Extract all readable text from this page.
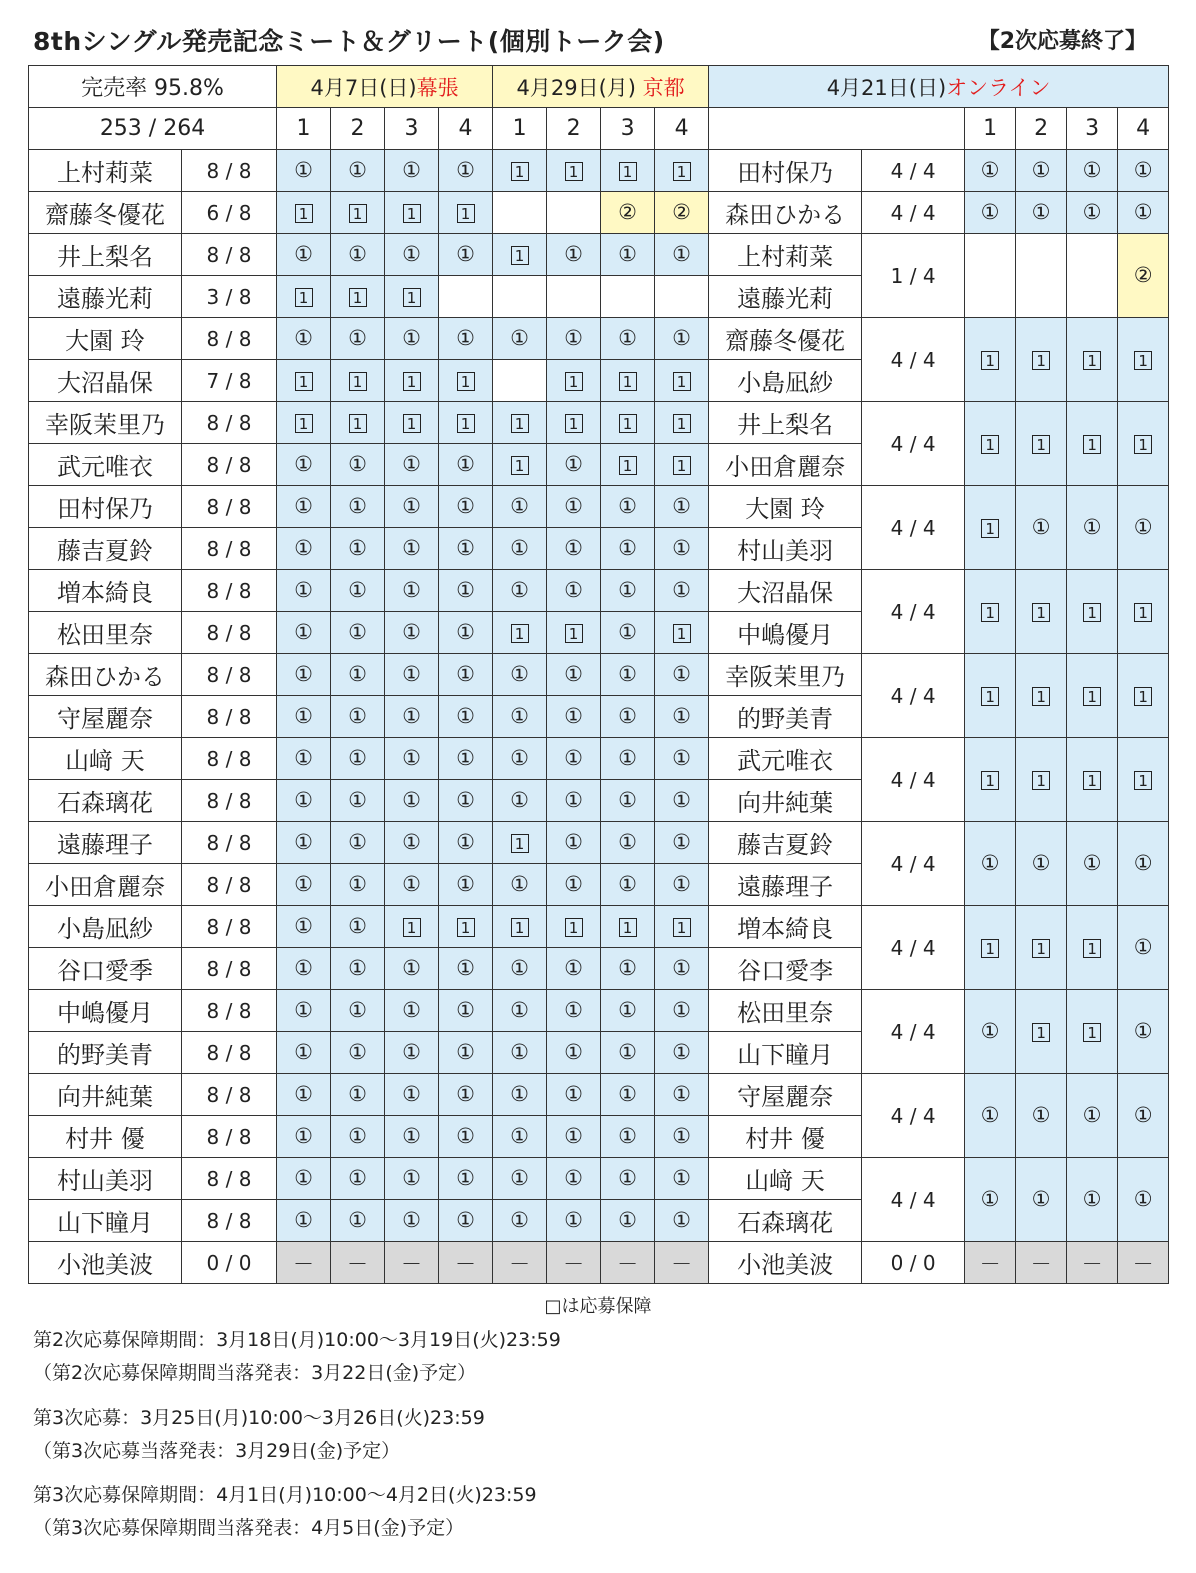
8thシングル発売記念ミート＆グリート(個別トーク会)	【2次応募終了】
完売率 95.8%		4月7日(日)幕張				4月29日(月) 京都				4月21日(日)オンライン					
253 / 264		1	2	3	4	1	2	3	4			1	2	3	4
上村莉菜	8 / 8	①	①	①	①	1	1	1	1	田村保乃	4 / 4	①	①	①	①
齋藤冬優花	6 / 8	1	1	1	1			②	②	森田ひかる	4 / 4	①	①	①	①
井上梨名	8 / 8	①	①	①	①	1	①	①	①	上村莉菜	1 / 4				②
遠藤光莉	3 / 8	1	1	1						遠藤光莉					
大園 玲	8 / 8	①	①	①	①	①	①	①	①	齋藤冬優花	4 / 4	1	1	1	1
大沼晶保	7 / 8	1	1	1	1		1	1	1	小島凪紗					
幸阪茉里乃	8 / 8	1	1	1	1	1	1	1	1	井上梨名	4 / 4	1	1	1	1
武元唯衣	8 / 8	①	①	①	①	1	①	1	1	小田倉麗奈					
田村保乃	8 / 8	①	①	①	①	①	①	①	①	大園 玲	4 / 4	1	①	①	①
藤吉夏鈴	8 / 8	①	①	①	①	①	①	①	①	村山美羽					
増本綺良	8 / 8	①	①	①	①	①	①	①	①	大沼晶保	4 / 4	1	1	1	1
松田里奈	8 / 8	①	①	①	①	1	1	①	1	中嶋優月					
森田ひかる	8 / 8	①	①	①	①	①	①	①	①	幸阪茉里乃	4 / 4	1	1	1	1
守屋麗奈	8 / 8	①	①	①	①	①	①	①	①	的野美青					
山﨑 天	8 / 8	①	①	①	①	①	①	①	①	武元唯衣	4 / 4	1	1	1	1
石森璃花	8 / 8	①	①	①	①	①	①	①	①	向井純葉					
遠藤理子	8 / 8	①	①	①	①	1	①	①	①	藤吉夏鈴	4 / 4	①	①	①	①
小田倉麗奈	8 / 8	①	①	①	①	①	①	①	①	遠藤理子					
小島凪紗	8 / 8	①	①	1	1	1	1	1	1	増本綺良	4 / 4	1	1	1	①
谷口愛季	8 / 8	①	①	①	①	①	①	①	①	谷口愛李					
中嶋優月	8 / 8	①	①	①	①	①	①	①	①	松田里奈	4 / 4	①	1	1	①
的野美青	8 / 8	①	①	①	①	①	①	①	①	山下瞳月					
向井純葉	8 / 8	①	①	①	①	①	①	①	①	守屋麗奈	4 / 4	①	①	①	①
村井 優	8 / 8	①	①	①	①	①	①	①	①	村井 優					
村山美羽	8 / 8	①	①	①	①	①	①	①	①	山﨑 天	4 / 4	①	①	①	①
山下瞳月	8 / 8	①	①	①	①	①	①	①	①	石森璃花					
小池美波	0 / 0	－	－	－	－	－	－	－	－	小池美波	0 / 0	－	－	－	－
□は応募保障
第2次応募保障期間：3月18日(月)10:00～3月19日(火)23:59
（第2次応募保障期間当落発表：3月22日(金)予定）
第3次応募：3月25日(月)10:00～3月26日(火)23:59
（第3次応募当落発表：3月29日(金)予定）
第3次応募保障期間：4月1日(月)10:00～4月2日(火)23:59
（第3次応募保障期間当落発表：4月5日(金)予定）
